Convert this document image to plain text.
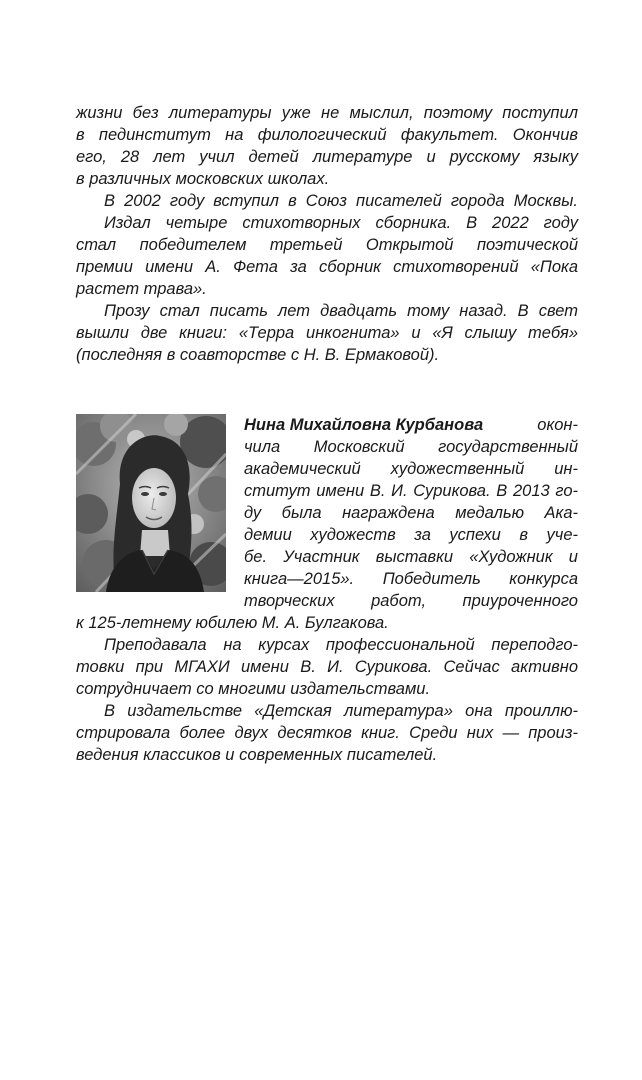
жизни без литературы уже не мыслил, поэтому поступил

в пединститут на филологический факультет. Окончив

его, 28 лет учил детей литературе и русскому языку

в различных московских школах.

В 2002 году вступил в Союз писателей города Москвы.

Издал четыре стихотворных сборника. В 2022 году

стал победителем третьей Открытой поэтической

премии имени А. Фета за сборник стихотворений «Пока

растет трава».

Прозу стал писать лет двадцать тому назад. В свет

вышли две книги: «Терра инкогнита» и «Я слышу тебя»

(последняя в соавторстве с Н. В. Ермаковой).

Нина Михайловна Курбанова	окон-

чила Московский государственный

академический художественный ин-

ститут имени В. И. Сурикова. В 2013 го-

ду была награждена медалью Ака-

демии художеств за успехи в уче-

бе. Участник выставки «Художник и

книга—2015». Победитель конкурса

творческих работ, приуроченного

к 125-летнему юбилею М. А. Булгакова.

Преподавала на курсах профессиональной переподго-

товки при МГАХИ имени В. И. Сурикова. Сейчас активно

сотрудничает со многими издательствами.

В издательстве «Детская литература» она проиллю-

стрировала более двух десятков книг. Среди них — произ-

ведения классиков и современных писателей.
